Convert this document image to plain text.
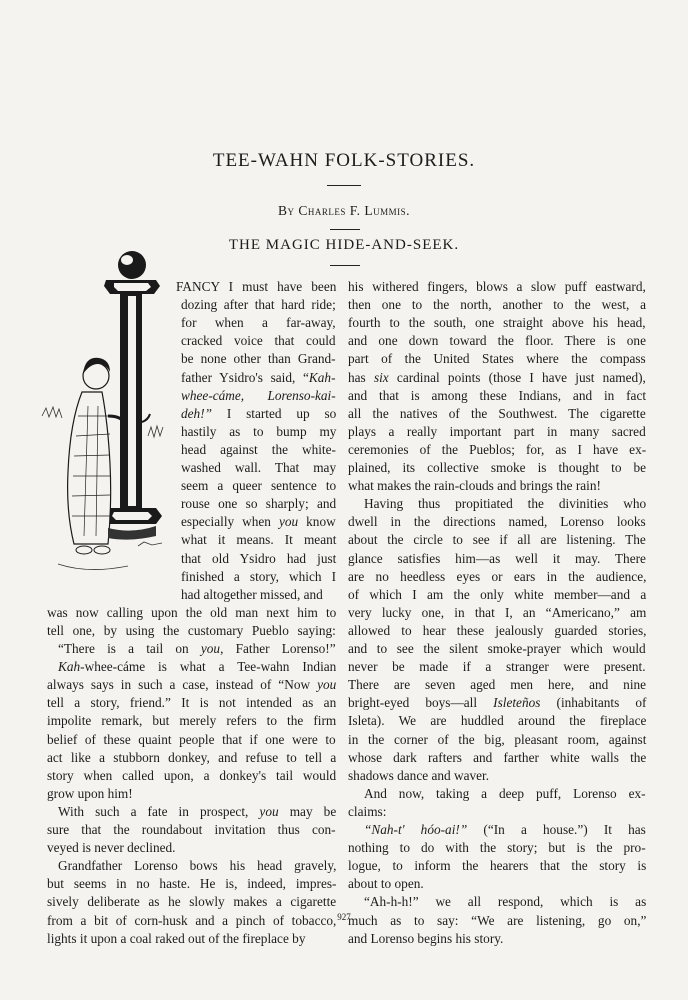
TEE-WAHN FOLK-STORIES.
By Charles F. Lummis.
THE MAGIC HIDE-AND-SEEK.
FANCY I must have been
dozing after that hard ride;
for when a far-away,
cracked voice that could
be none other than Grand-
father Ysidro's said, “Kah-
whee-cáme, Lorenso-kai-
deh!” I started up so
hastily as to bump my
head against the white-
washed wall. That may
seem a queer sentence to
rouse one so sharply; and
especially when you know
what it means. It meant
that old Ysidro had just
finished a story, which I
had altogether missed, and
was now calling upon the old man next him to
tell one, by using the customary Pueblo saying:
“There is a tail on you, Father Lorenso!”
Kah-whee-cáme is what a Tee-wahn Indian
always says in such a case, instead of “Now you
tell a story, friend.” It is not intended as an
impolite remark, but merely refers to the firm
belief of these quaint people that if one were to
act like a stubborn donkey, and refuse to tell a
story when called upon, a donkey's tail would
grow upon him!
With such a fate in prospect, you may be
sure that the roundabout invitation thus con-
veyed is never declined.
Grandfather Lorenso bows his head gravely,
but seems in no haste. He is, indeed, impres-
sively deliberate as he slowly makes a cigarette
from a bit of corn-husk and a pinch of tobacco,
lights it upon a coal raked out of the fireplace by
his withered fingers, blows a slow puff eastward,
then one to the north, another to the west, a
fourth to the south, one straight above his head,
and one down toward the floor. There is one
part of the United States where the compass
has six cardinal points (those I have just named),
and that is among these Indians, and in fact
all the natives of the Southwest. The cigarette
plays a really important part in many sacred
ceremonies of the Pueblos; for, as I have ex-
plained, its collective smoke is thought to be
what makes the rain-clouds and brings the rain!
Having thus propitiated the divinities who
dwell in the directions named, Lorenso looks
about the circle to see if all are listening. The
glance satisfies him—as well it may. There
are no heedless eyes or ears in the audience,
of which I am the only white member—and a
very lucky one, in that I, an “Americano,” am
allowed to hear these jealously guarded stories,
and to see the silent smoke-prayer which would
never be made if a stranger were present.
There are seven aged men here, and nine
bright-eyed boys—all Isleteños (inhabitants of
Isleta). We are huddled around the fireplace
in the corner of the big, pleasant room, against
whose dark rafters and farther white walls the
shadows dance and waver.
And now, taking a deep puff, Lorenso ex-
claims:
“Nah-t' hóo-ai!” (“In a house.”) It has
nothing to do with the story; but is the pro-
logue, to inform the hearers that the story is
about to open.
“Ah-h-h!” we all respond, which is as
much as to say: “We are listening, go on,”
and Lorenso begins his story.
927
